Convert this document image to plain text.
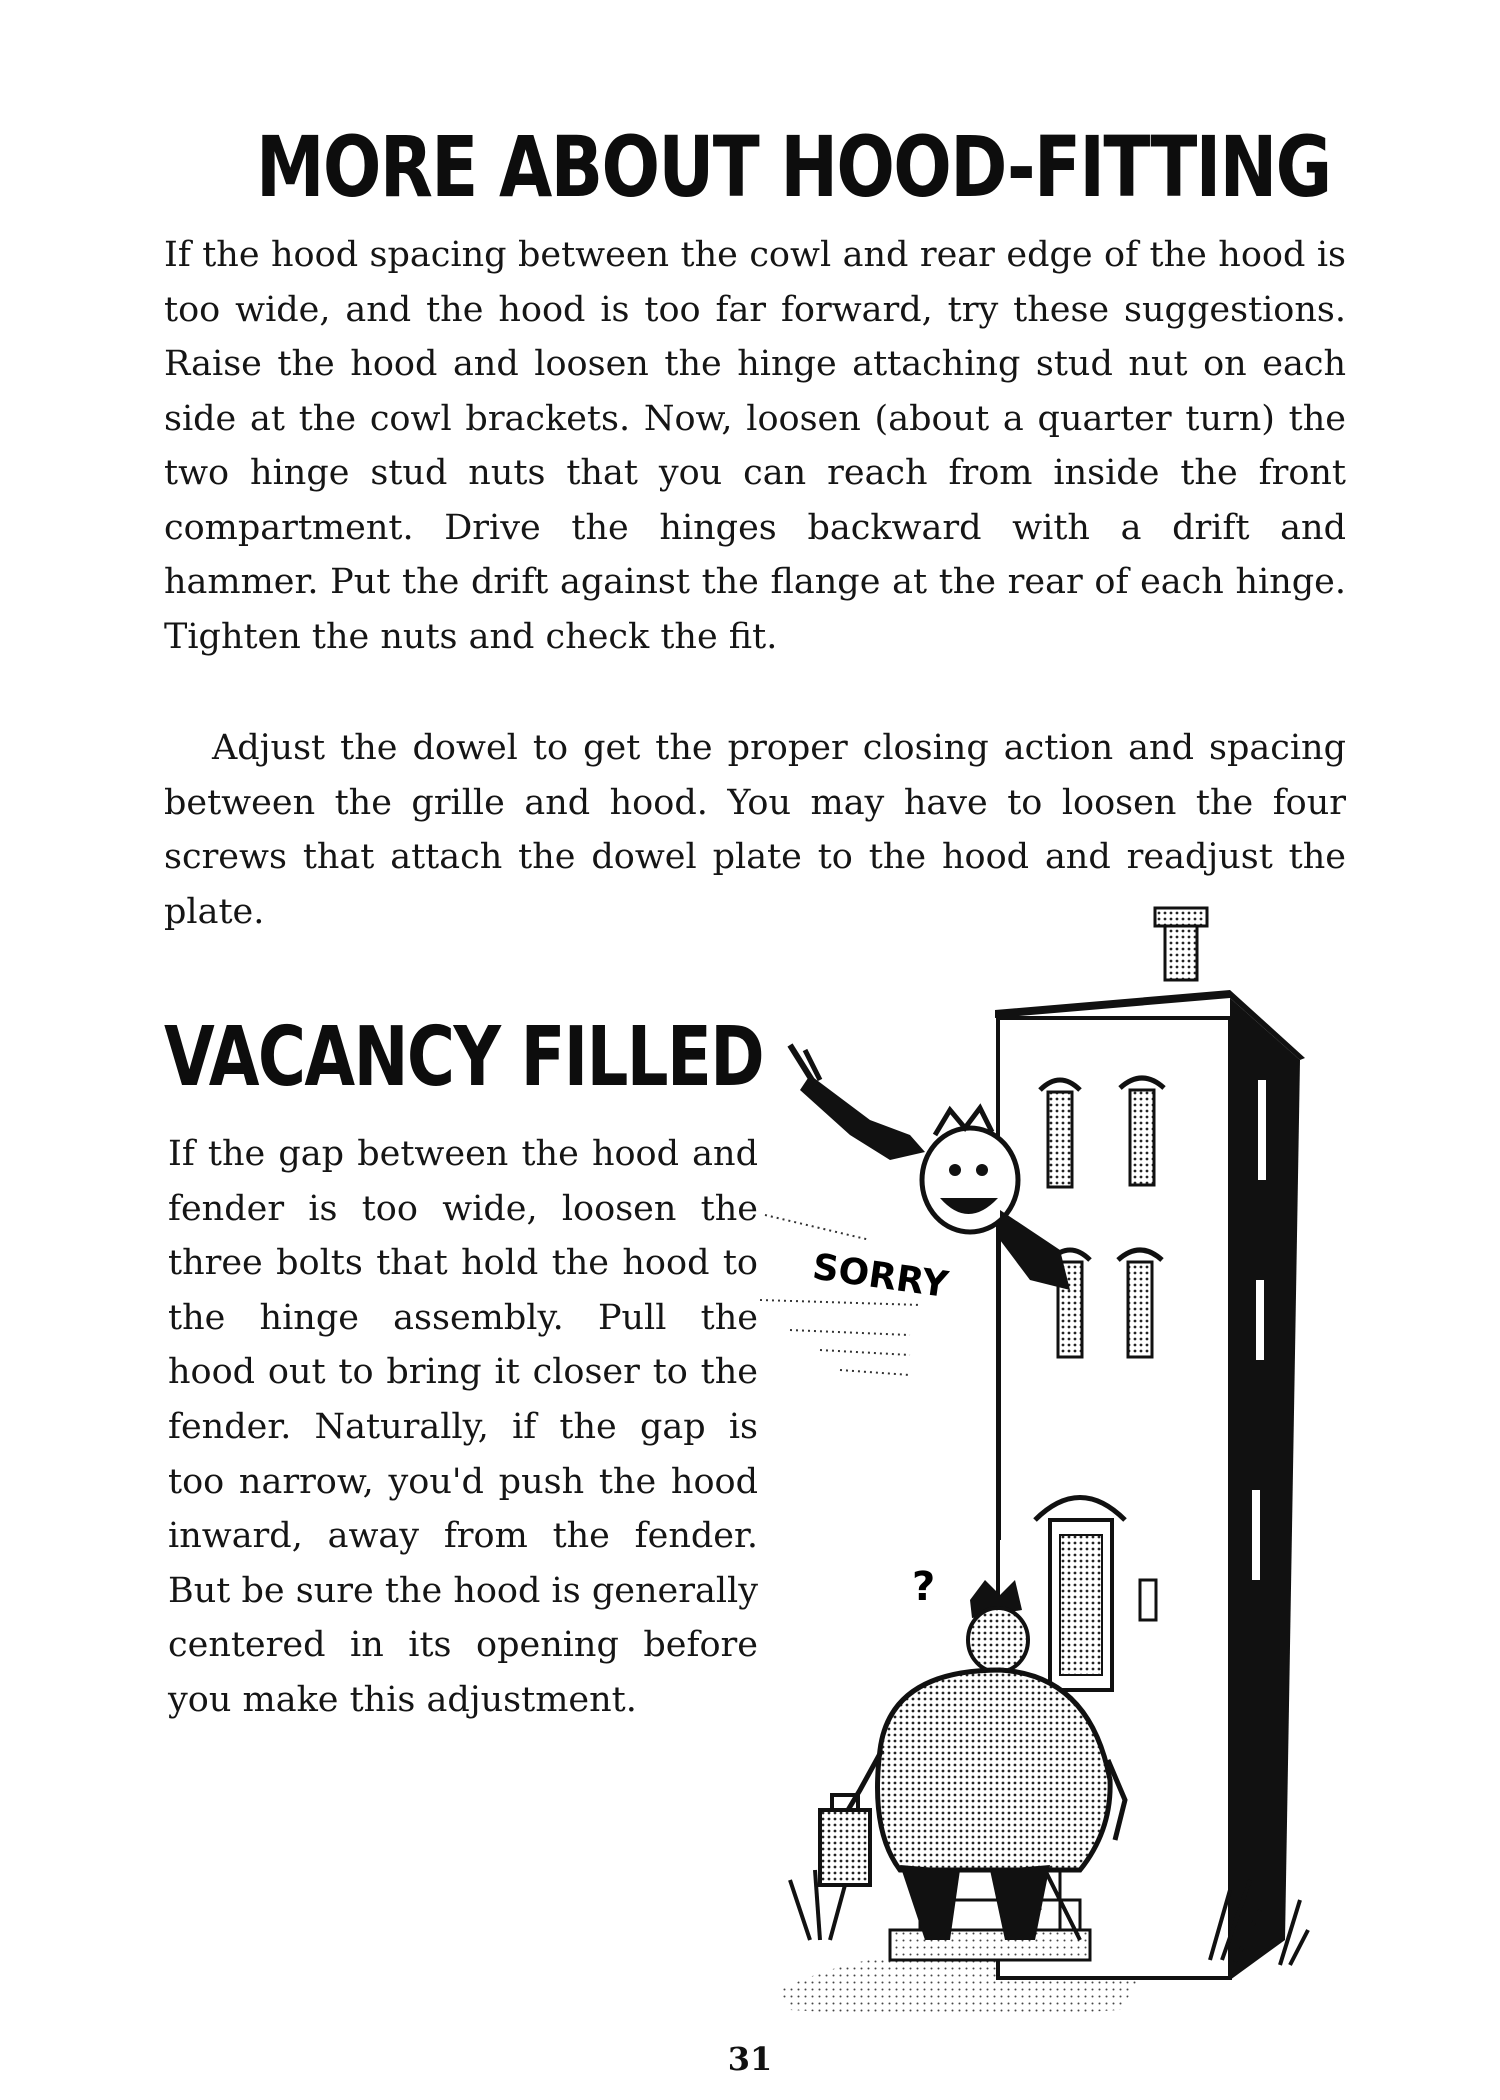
MORE ABOUT HOOD-FITTING

If the hood spacing between the cowl and rear edge of the hood is too wide, and the hood is too far forward, try these suggestions. Raise the hood and loosen the hinge attaching stud nut on each side at the cowl brackets. Now, loosen (about a quarter turn) the two hinge stud nuts that you can reach from inside the front compartment. Drive the hinges backward with a drift and hammer. Put the drift against the flange at the rear of each hinge. Tighten the nuts and check the fit.

Adjust the dowel to get the proper closing action and spacing between the grille and hood. You may have to loosen the four screws that attach the dowel plate to the hood and readjust the plate.

VACANCY FILLED

If the gap between the hood and fender is too wide, loosen the three bolts that hold the hood to the hinge assembly. Pull the hood out to bring it closer to the fender. Naturally, if the gap is too narrow, you'd push the hood inward, away from the fender. But be sure the hood is generally centered in its opening before you make this adjustment.

SORRY
?
31
